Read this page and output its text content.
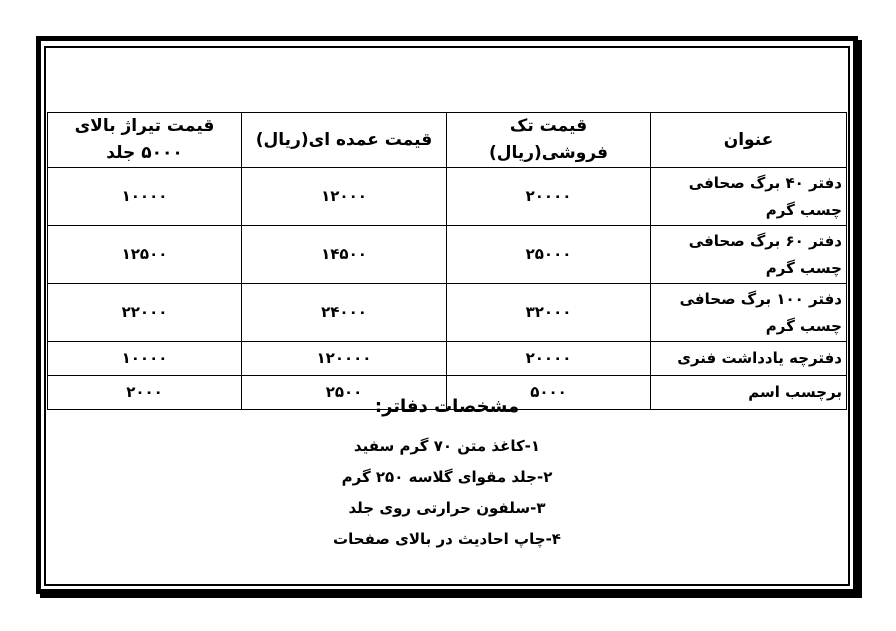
عنوان	قیمت تک فروشی(ریال)	قیمت عمده ای(ریال)	قیمت تیراژ بالای ۵۰۰۰ جلد
دفتر ۴۰ برگ صحافی چسب گرم	۲۰۰۰۰	۱۲۰۰۰	۱۰۰۰۰
دفتر ۶۰ برگ صحافی چسب گرم	۲۵۰۰۰	۱۴۵۰۰	۱۲۵۰۰
دفتر ۱۰۰ برگ صحافی چسب گرم	۳۲۰۰۰	۲۴۰۰۰	۲۲۰۰۰
دفترچه یادداشت فنری	۲۰۰۰۰	۱۲۰۰۰۰	۱۰۰۰۰
برچسب اسم	۵۰۰۰	۲۵۰۰	۲۰۰۰
مشخصات دفاتر:
۱-کاغذ متن ۷۰ گرم سفید
۲-جلد مقوای گلاسه ۲۵۰ گرم
۳-سلفون حرارتی روی جلد
۴-چاپ احادیث در بالای صفحات
